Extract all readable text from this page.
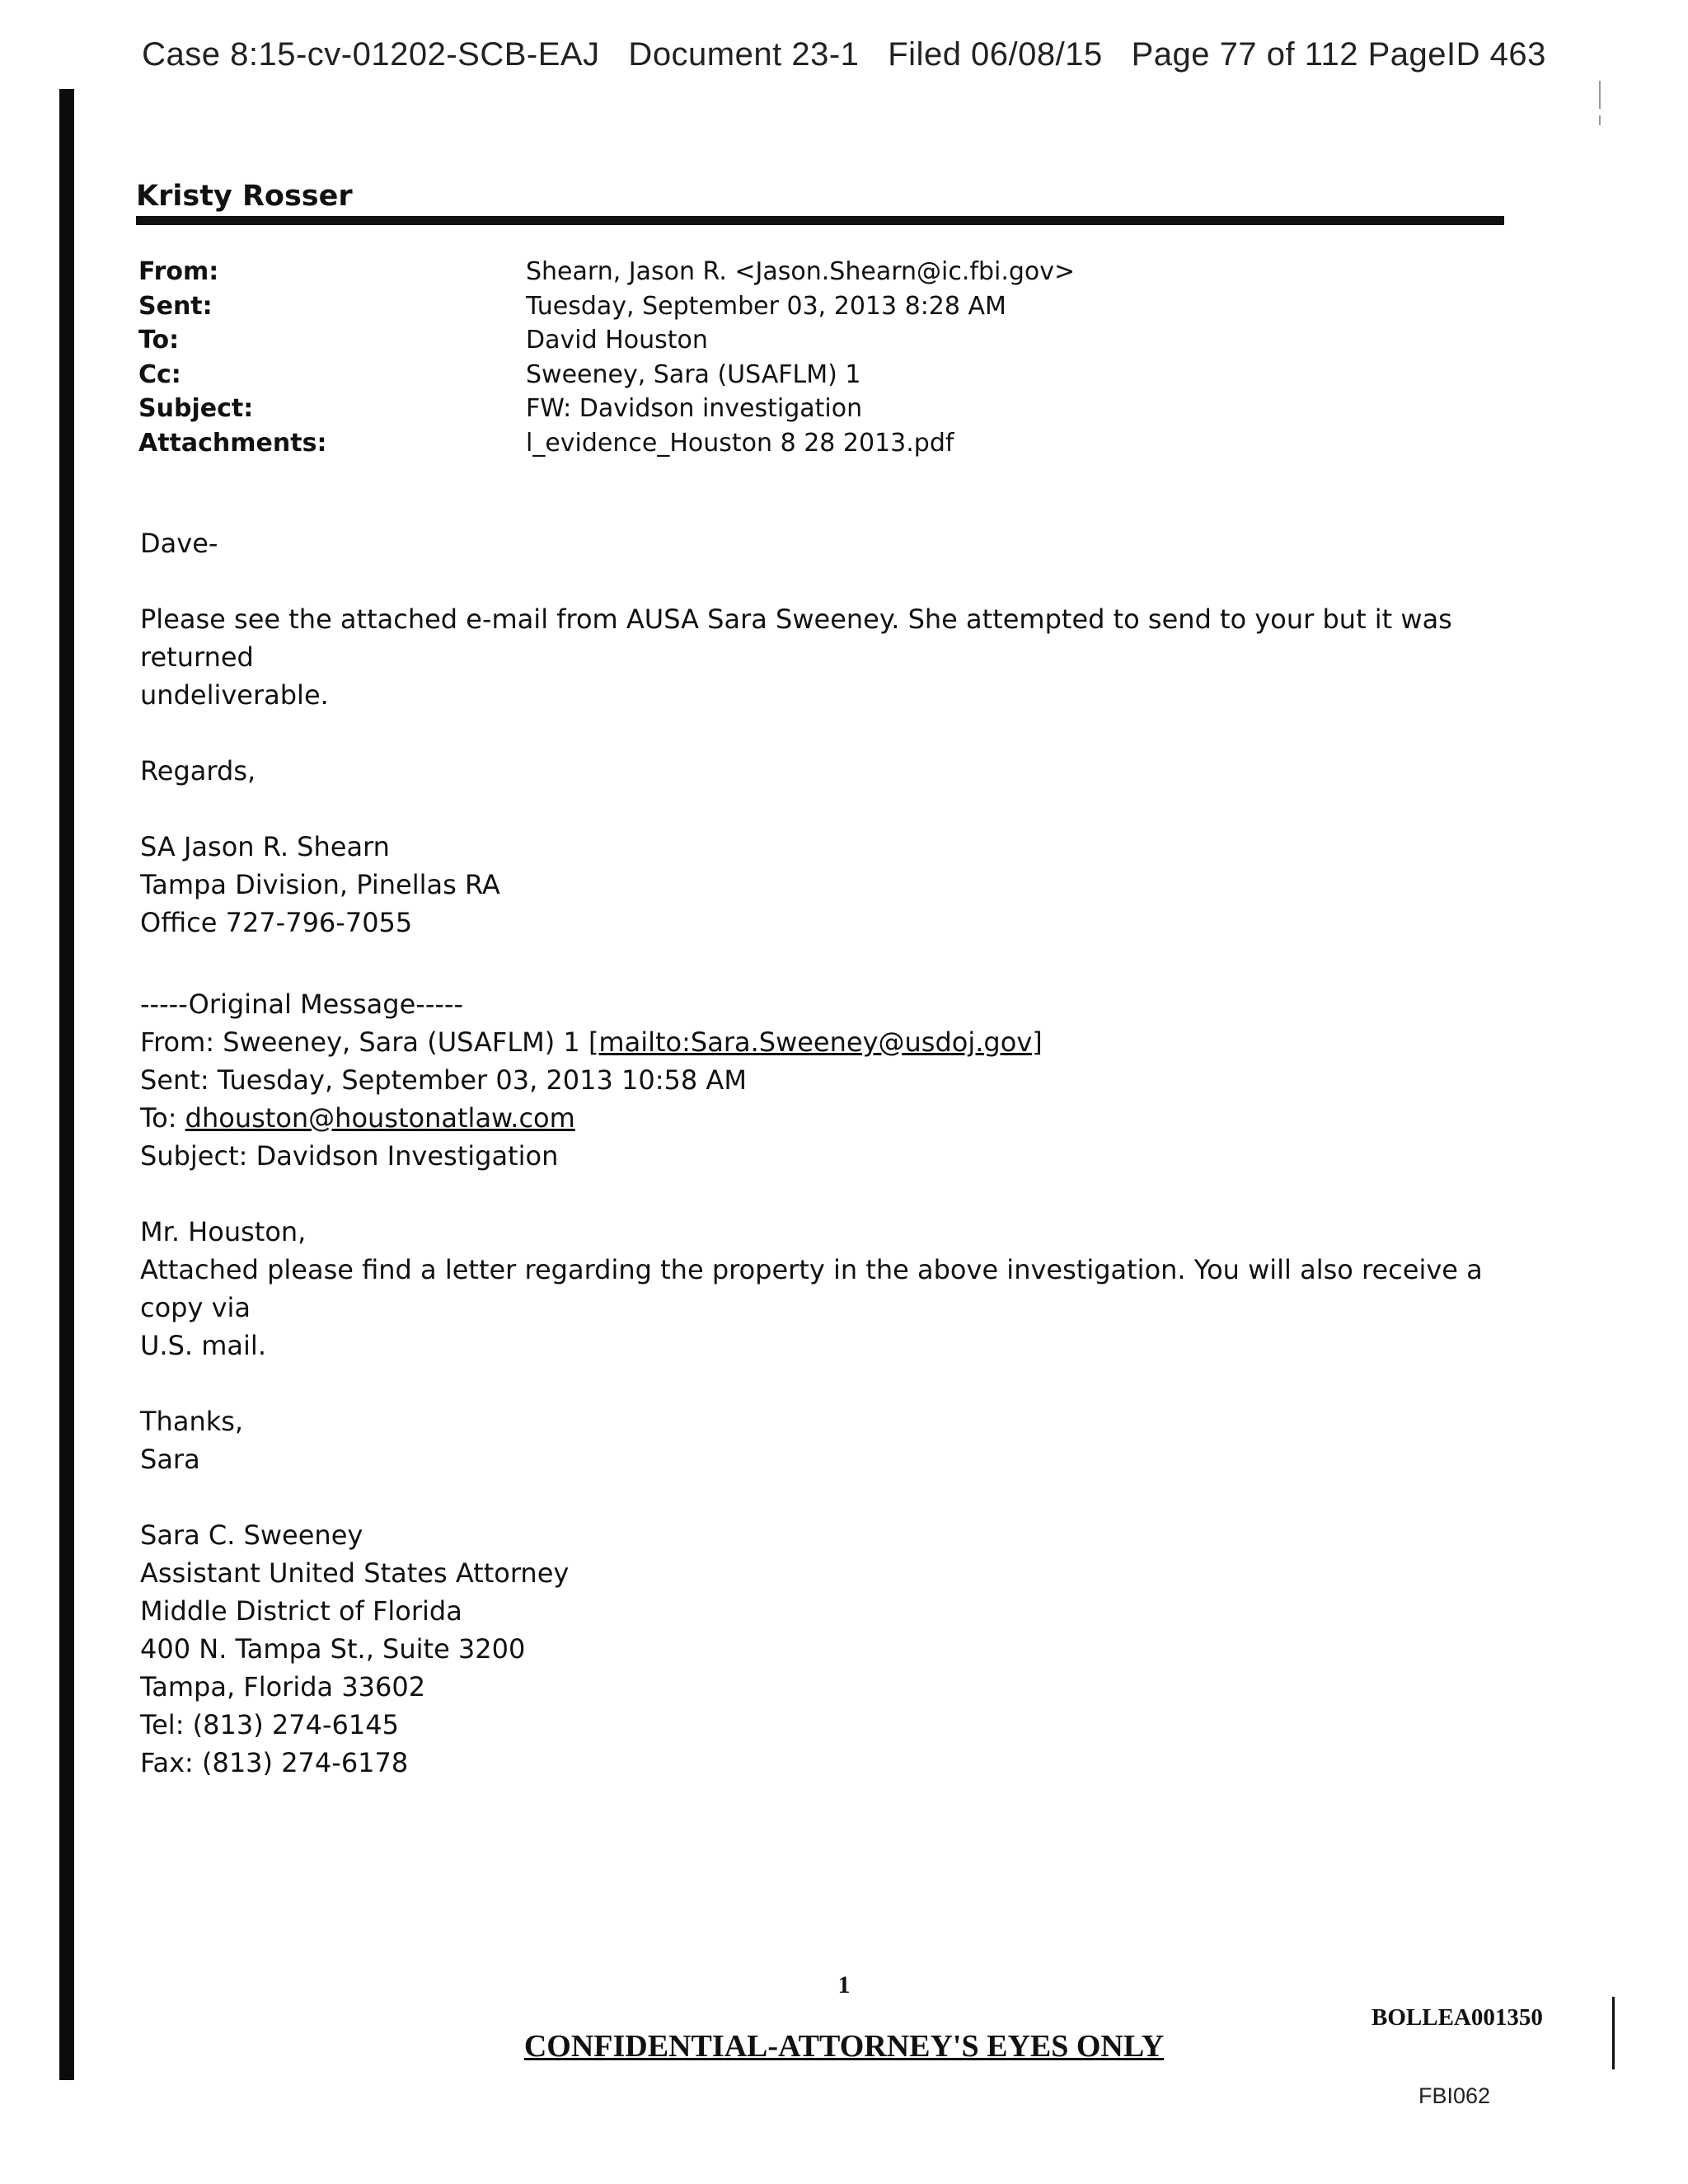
Case 8:15-cv-01202-SCB-EAJ   Document 23-1   Filed 06/08/15   Page 77 of 112 PageID 463
Kristy Rosser
From:	Shearn, Jason R. <Jason.Shearn@ic.fbi.gov>
Sent:	Tuesday, September 03, 2013 8:28 AM
To:	David Houston
Cc:	Sweeney, Sara (USAFLM) 1
Subject:	FW: Davidson investigation
Attachments:	l_evidence_Houston 8 28 2013.pdf

Dave-

Please see the attached e-mail from AUSA Sara Sweeney. She attempted to send to your but it was returned

undeliverable.

Regards,

SA Jason R. Shearn

Tampa Division, Pinellas RA

Office 727-796-7055

-----Original Message-----

From: Sweeney, Sara (USAFLM) 1 [mailto:Sara.Sweeney@usdoj.gov]

Sent: Tuesday, September 03, 2013 10:58 AM

To: dhouston@houstonatlaw.com

Subject: Davidson Investigation

Mr. Houston,

Attached please find a letter regarding the property in the above investigation. You will also receive a copy via

U.S. mail.

Thanks,

Sara

Sara C. Sweeney

Assistant United States Attorney

Middle District of Florida

400 N. Tampa St., Suite 3200

Tampa, Florida 33602

Tel: (813) 274-6145

Fax: (813) 274-6178

1
BOLLEA001350
CONFIDENTIAL-ATTORNEY'S EYES ONLY
FBI062
